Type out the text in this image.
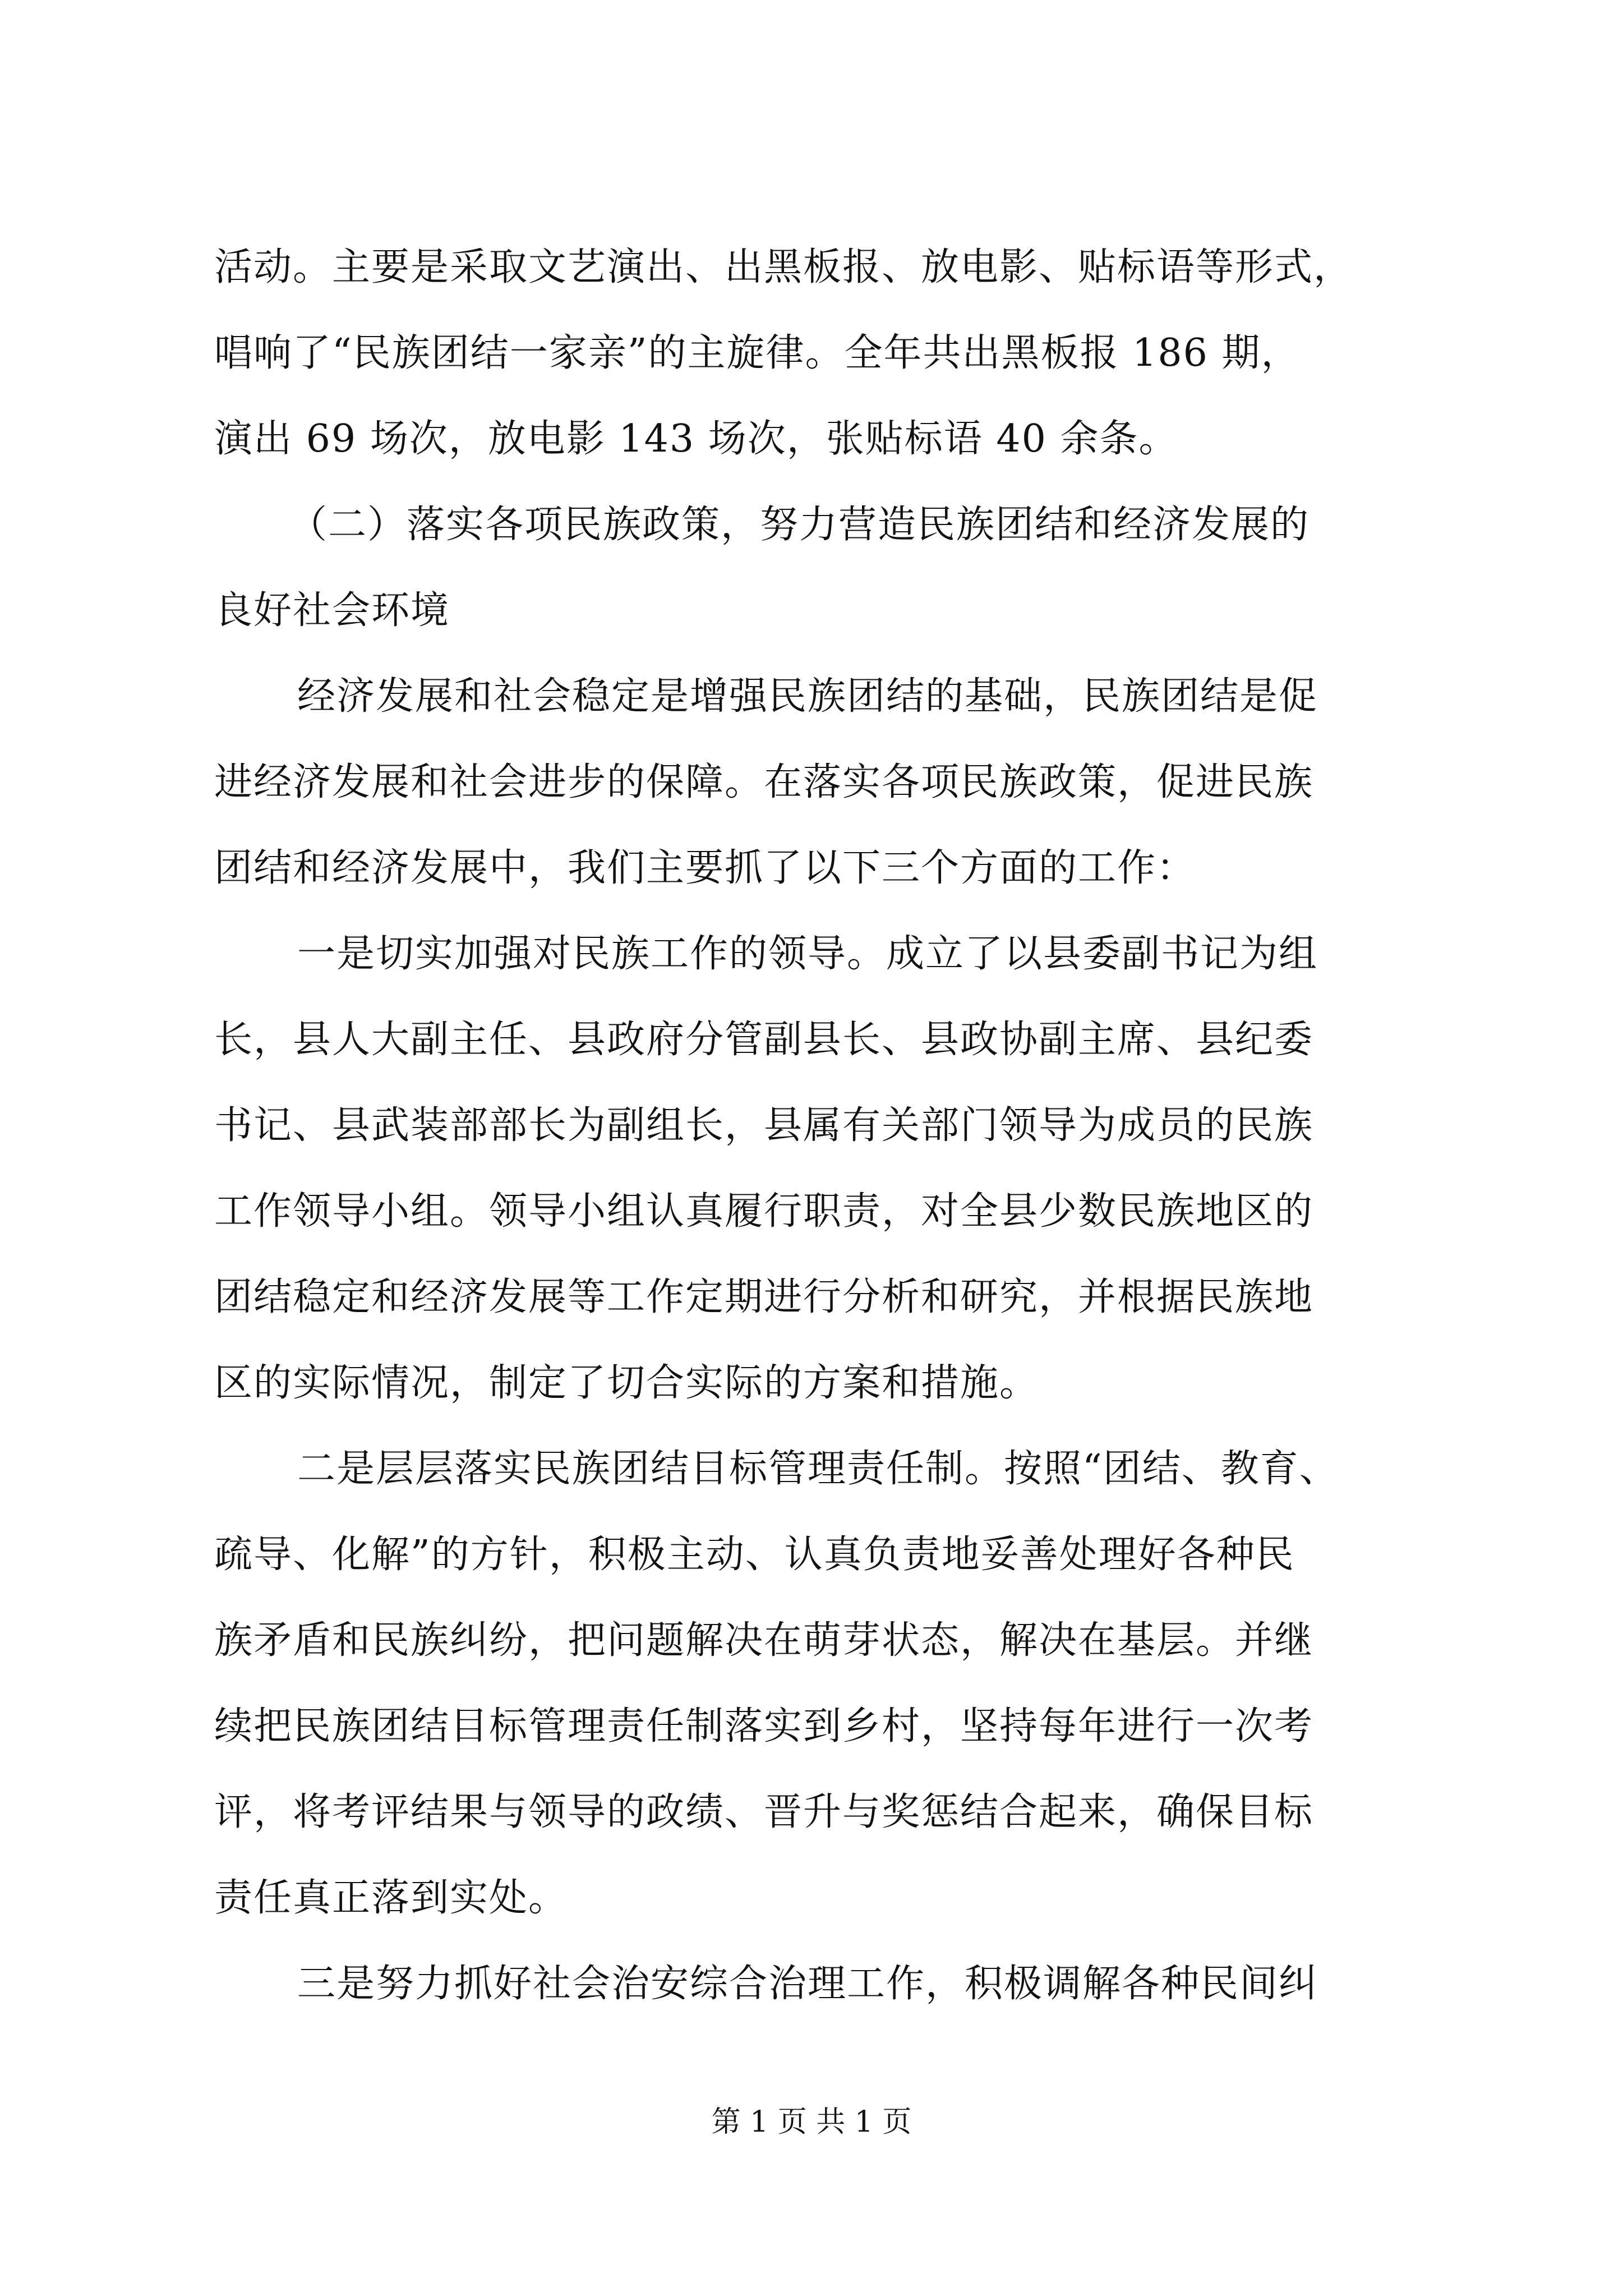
活动。主要是采取文艺演出、出黑板报、放电影、贴标语等形式，
唱响了“民族团结一家亲”的主旋律。全年共出黑板报 186 期，
演出 69 场次，放电影 143 场次，张贴标语 40 余条。
（二）落实各项民族政策，努力营造民族团结和经济发展的
良好社会环境
经济发展和社会稳定是增强民族团结的基础，民族团结是促
进经济发展和社会进步的保障。在落实各项民族政策，促进民族
团结和经济发展中，我们主要抓了以下三个方面的工作：
一是切实加强对民族工作的领导。成立了以县委副书记为组
长，县人大副主任、县政府分管副县长、县政协副主席、县纪委
书记、县武装部部长为副组长，县属有关部门领导为成员的民族
工作领导小组。领导小组认真履行职责，对全县少数民族地区的
团结稳定和经济发展等工作定期进行分析和研究，并根据民族地
区的实际情况，制定了切合实际的方案和措施。
二是层层落实民族团结目标管理责任制。按照“团结、教育、
疏导、化解”的方针，积极主动、认真负责地妥善处理好各种民
族矛盾和民族纠纷，把问题解决在萌芽状态，解决在基层。并继
续把民族团结目标管理责任制落实到乡村，坚持每年进行一次考
评，将考评结果与领导的政绩、晋升与奖惩结合起来，确保目标
责任真正落到实处。
三是努力抓好社会治安综合治理工作，积极调解各种民间纠
第 1 页 共 1 页
